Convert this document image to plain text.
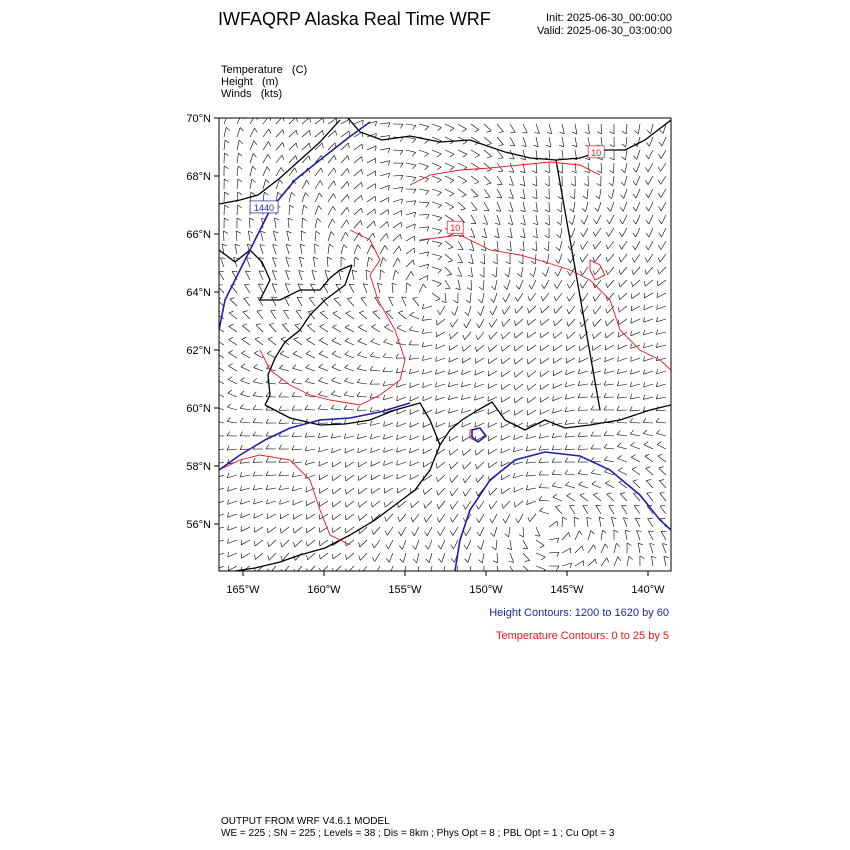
IWFAQRP Alaska Real Time WRF	Init: 2025-06-30_00:00:00
Valid: 2025-06-30_03:00:00
Temperature   (C)
Height   (m)
Winds   (kts)
1440
10
10
70°N
68°N
66°N
64°N
62°N
60°N
58°N
56°N
165°W	160°W	155°W	150°W	145°W	140°W
Height Contours: 1200 to 1620 by 60
Temperature Contours: 0 to 25 by 5
OUTPUT FROM WRF V4.6.1 MODEL
WE = 225 ; SN = 225 ; Levels = 38 ; Dis = 8km ; Phys Opt = 8 ; PBL Opt = 1 ; Cu Opt = 3
